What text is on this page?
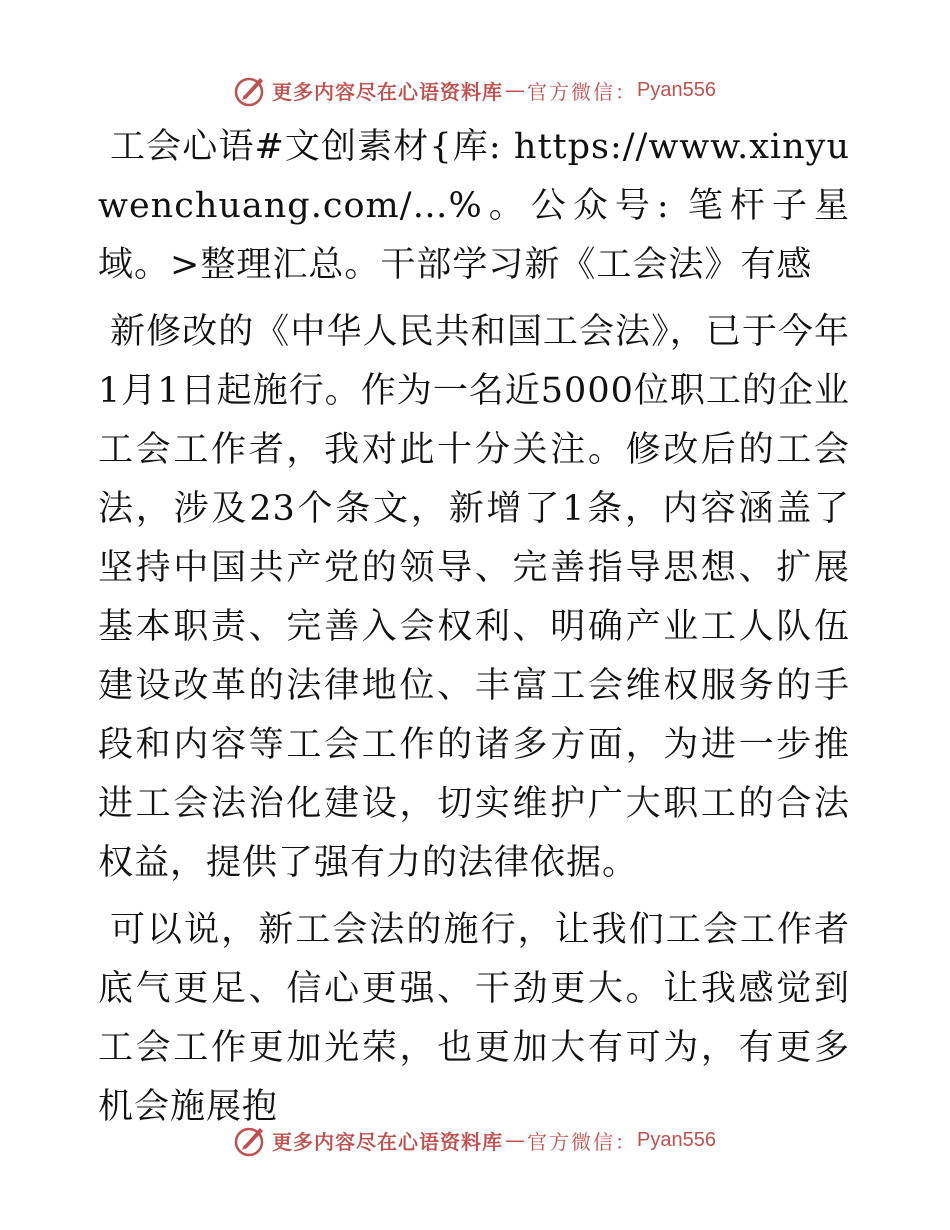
更多内容尽在心语资料库 — 官方微信： Pyan556

工会心语#文创素材{库: https://www.xinyuwenchuang.com/…%。公众号: 笔杆子星域。>整理汇总。干部学习新《工会法》有感

新修改的《中华人民共和国工会法》，已于今年1月1日起施行。作为一名近5000位职工的企业工会工作者，我对此十分关注。修改后的工会法，涉及23个条文，新增了1条，内容涵盖了坚持中国共产党的领导、完善指导思想、扩展基本职责、完善入会权利、明确产业工人队伍建设改革的法律地位、丰富工会维权服务的手段和内容等工会工作的诸多方面，为进一步推进工会法治化建设，切实维护广大职工的合法权益，提供了强有力的法律依据。

可以说，新工会法的施行，让我们工会工作者底气更足、信心更强、干劲更大。让我感觉到工会工作更加光荣，也更加大有可为，有更多机会施展抱

更多内容尽在心语资料库 — 官方微信： Pyan556
